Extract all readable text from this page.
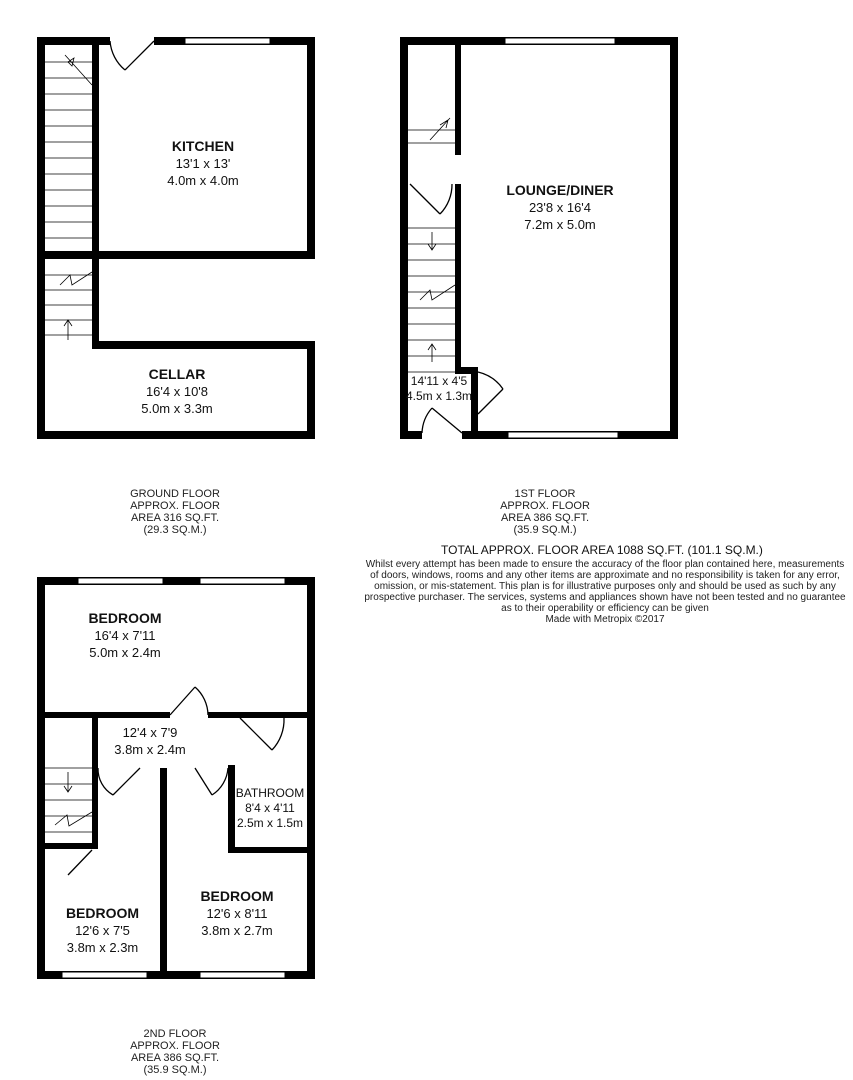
KITCHEN
13'1 x 13'
4.0m x 4.0m
CELLAR
16'4 x 10'8
5.0m x 3.3m
LOUNGE/DINER
23'8 x 16'4
7.2m x 5.0m
14'11 x 4'5
4.5m x 1.3m
BEDROOM
16'4 x 7'11
5.0m x 2.4m
12'4 x 7'9
3.8m x 2.4m
BATHROOM
8'4 x 4'11
2.5m x 1.5m
BEDROOM
12'6 x 8'11
3.8m x 2.7m
BEDROOM
12'6 x 7'5
3.8m x 2.3m
GROUND FLOOR
APPROX. FLOOR
AREA 316 SQ.FT.
(29.3 SQ.M.)
1ST FLOOR
APPROX. FLOOR
AREA 386 SQ.FT.
(35.9 SQ.M.)
2ND FLOOR
APPROX. FLOOR
AREA 386 SQ.FT.
(35.9 SQ.M.)
TOTAL APPROX. FLOOR AREA 1088 SQ.FT. (101.1 SQ.M.)
Whilst every attempt has been made to ensure the accuracy of the floor plan contained here, measurements
of doors, windows, rooms and any other items are approximate and no responsibility is taken for any error,
omission, or mis-statement. This plan is for illustrative purposes only and should be used as such by any
prospective purchaser. The services, systems and appliances shown have not been tested and no guarantee
as to their operability or efficiency can be given
Made with Metropix ©2017
